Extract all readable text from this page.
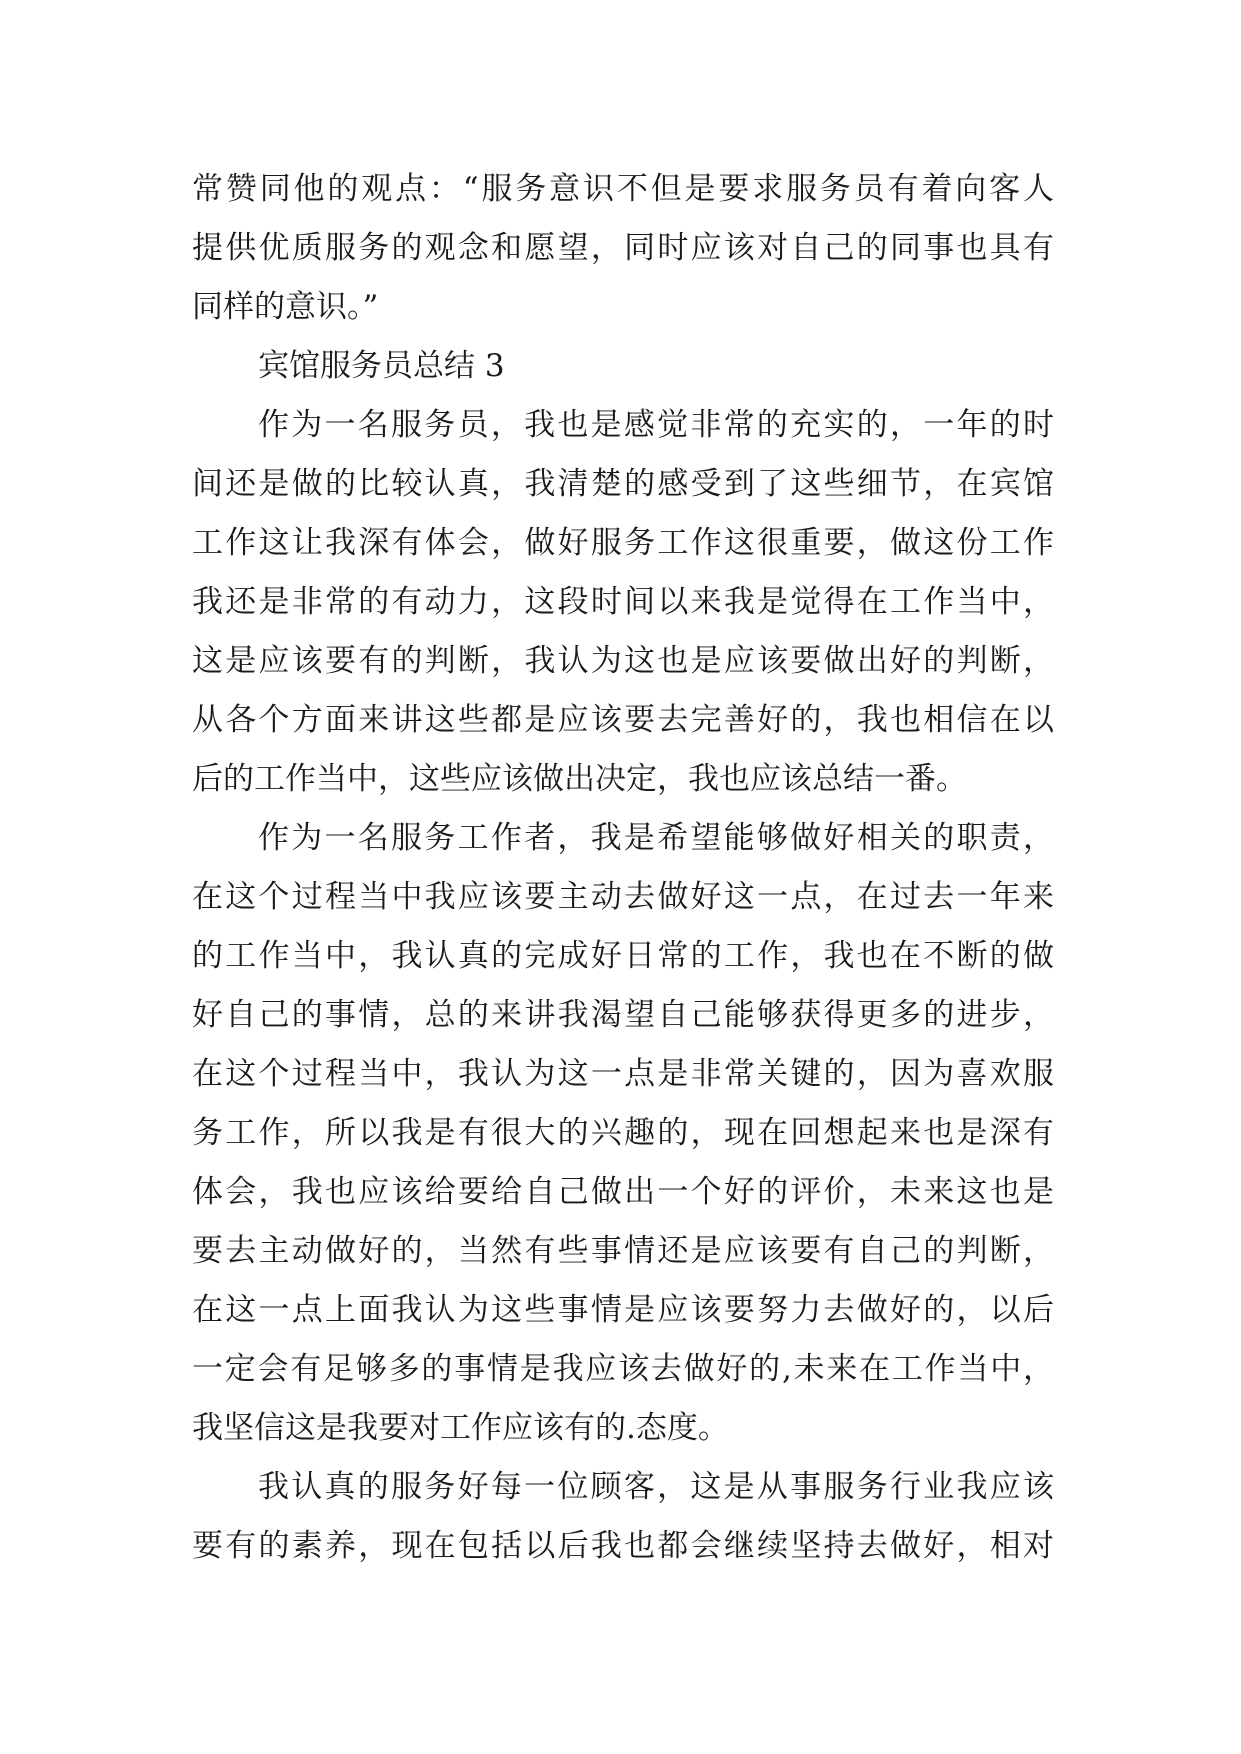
常赞同他的观点：“服务意识不但是要求服务员有着向客人
提供优质服务的观念和愿望，同时应该对自己的同事也具有
同样的意识。”
宾馆服务员总结 3
作为一名服务员，我也是感觉非常的充实的，一年的时
间还是做的比较认真，我清楚的感受到了这些细节，在宾馆
工作这让我深有体会，做好服务工作这很重要，做这份工作
我还是非常的有动力，这段时间以来我是觉得在工作当中，
这是应该要有的判断，我认为这也是应该要做出好的判断，
从各个方面来讲这些都是应该要去完善好的，我也相信在以
后的工作当中，这些应该做出决定，我也应该总结一番。
作为一名服务工作者，我是希望能够做好相关的职责，
在这个过程当中我应该要主动去做好这一点，在过去一年来
的工作当中，我认真的完成好日常的工作，我也在不断的做
好自己的事情，总的来讲我渴望自己能够获得更多的进步，
在这个过程当中，我认为这一点是非常关键的，因为喜欢服
务工作，所以我是有很大的兴趣的，现在回想起来也是深有
体会，我也应该给要给自己做出一个好的评价，未来这也是
要去主动做好的，当然有些事情还是应该要有自己的判断，
在这一点上面我认为这些事情是应该要努力去做好的，以后
一定会有足够多的事情是我应该去做好的,未来在工作当中，
我坚信这是我要对工作应该有的.态度。
我认真的服务好每一位顾客，这是从事服务行业我应该
要有的素养，现在包括以后我也都会继续坚持去做好，相对
